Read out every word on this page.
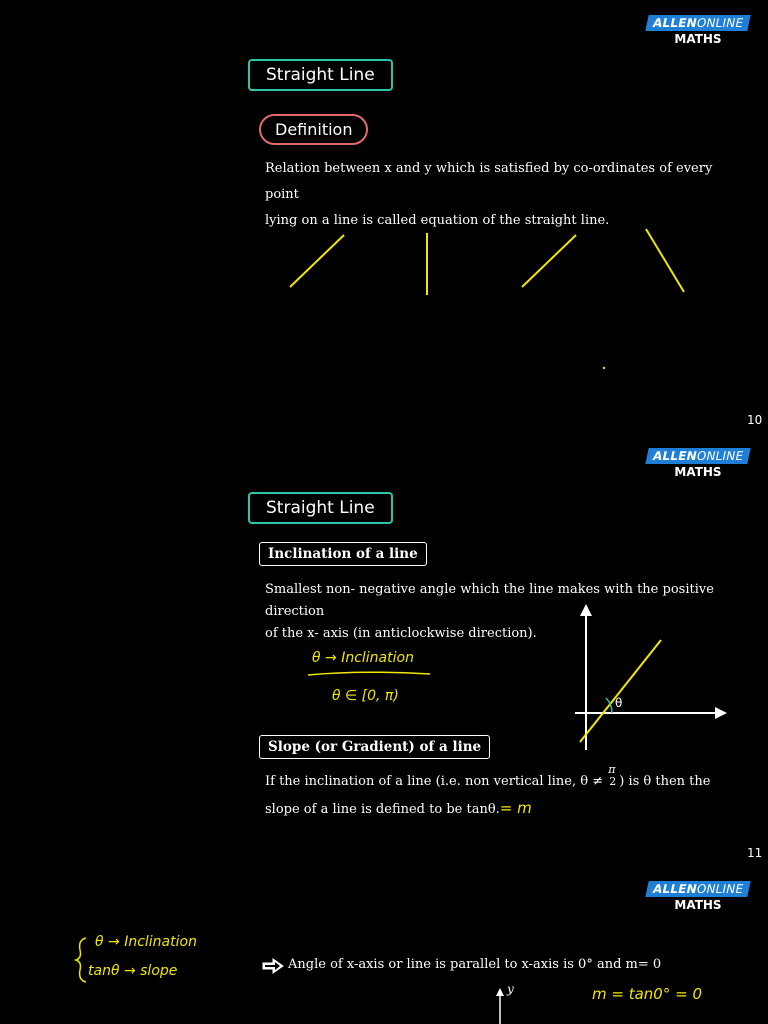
ALLENONLINE
MATHS
Straight Line
Definition
Relation between x and y which is satisfied by co-ordinates of every point
lying on a line is called equation of the straight line.
10
ALLENONLINE
MATHS
Straight Line
Inclination of a line
Smallest non- negative angle which the line makes with the positive direction
of the x- axis (in anticlockwise direction).
θ → Inclination
θ ∈ [0, π)	θ
Slope (or Gradient) of a line
If the inclination of a line (i.e. non vertical line, θ ≠
π
2 ) is θ then the
slope of a line is defined to be tanθ.= m
11
ALLENONLINE
MATHS
θ → Inclination
tanθ → slope	Angle of x-axis or line is parallel to x-axis is 0° and m= 0
y	m = tan0° = 0
